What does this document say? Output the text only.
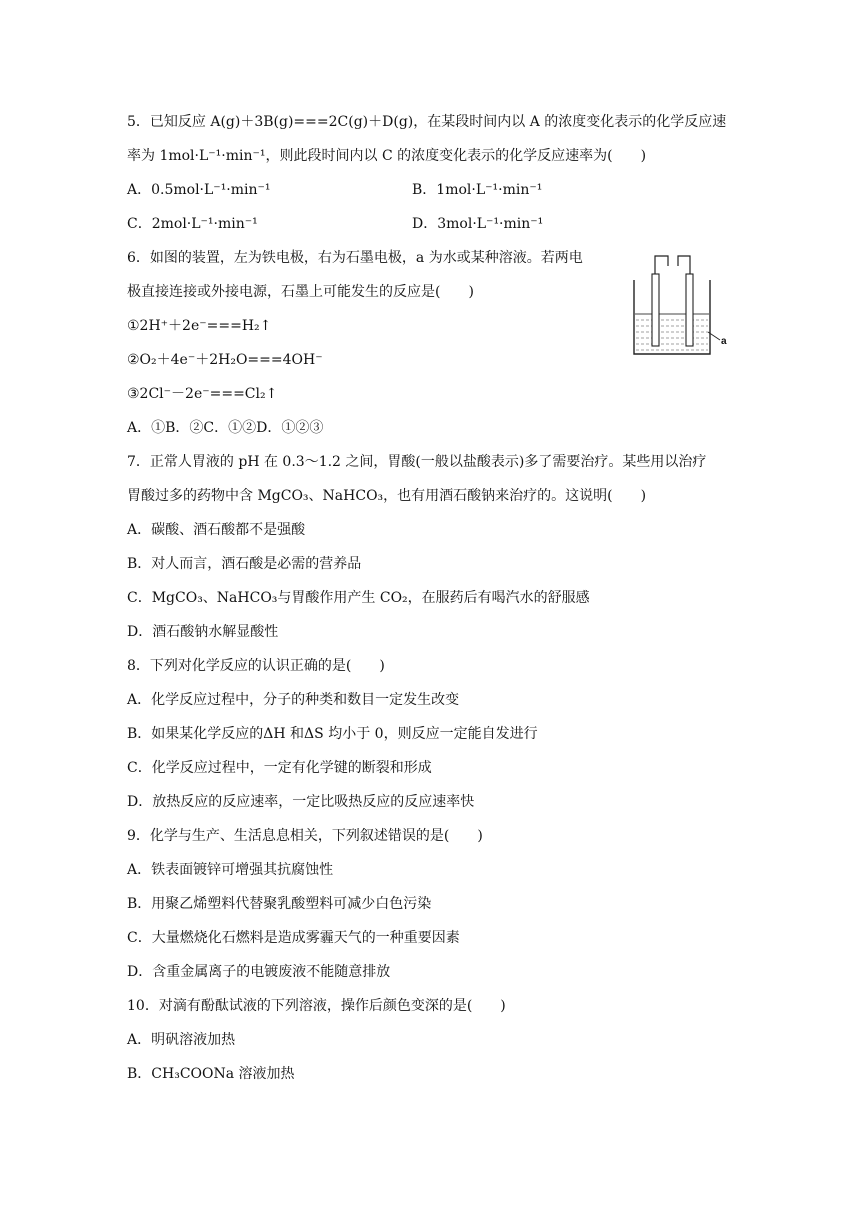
5．已知反应 A(g)＋3B(g)===2C(g)＋D(g)，在某段时间内以 A 的浓度变化表示的化学反应速
率为 1mol·L⁻¹·min⁻¹，则此段时间内以 C 的浓度变化表示的化学反应速率为(　　)
A．0.5mol·L⁻¹·min⁻¹	B．1mol·L⁻¹·min⁻¹
C．2mol·L⁻¹·min⁻¹	D．3mol·L⁻¹·min⁻¹
6．如图的装置，左为铁电极，右为石墨电极，a 为水或某种溶液。若两电
极直接连接或外接电源，石墨上可能发生的反应是(　　)
①2H⁺＋2e⁻===H₂↑
②O₂＋4e⁻＋2H₂O===4OH⁻
③2Cl⁻－2e⁻===Cl₂↑
A．①B．②C．①②D．①②③
a
7．正常人胃液的 pH 在 0.3～1.2 之间，胃酸(一般以盐酸表示)多了需要治疗。某些用以治疗
胃酸过多的药物中含 MgCO₃、NaHCO₃，也有用酒石酸钠来治疗的。这说明(　　)
A．碳酸、酒石酸都不是强酸
B．对人而言，酒石酸是必需的营养品
C．MgCO₃、NaHCO₃与胃酸作用产生 CO₂，在服药后有喝汽水的舒服感
D．酒石酸钠水解显酸性
8．下列对化学反应的认识正确的是(　　)
A．化学反应过程中，分子的种类和数目一定发生改变
B．如果某化学反应的ΔH 和ΔS 均小于 0，则反应一定能自发进行
C．化学反应过程中，一定有化学键的断裂和形成
D．放热反应的反应速率，一定比吸热反应的反应速率快
9．化学与生产、生活息息相关，下列叙述错误的是(　　)
A．铁表面镀锌可增强其抗腐蚀性
B．用聚乙烯塑料代替聚乳酸塑料可减少白色污染
C．大量燃烧化石燃料是造成雾霾天气的一种重要因素
D．含重金属离子的电镀废液不能随意排放
10．对滴有酚酞试液的下列溶液，操作后颜色变深的是(　　)
A．明矾溶液加热
B．CH₃COONa 溶液加热
